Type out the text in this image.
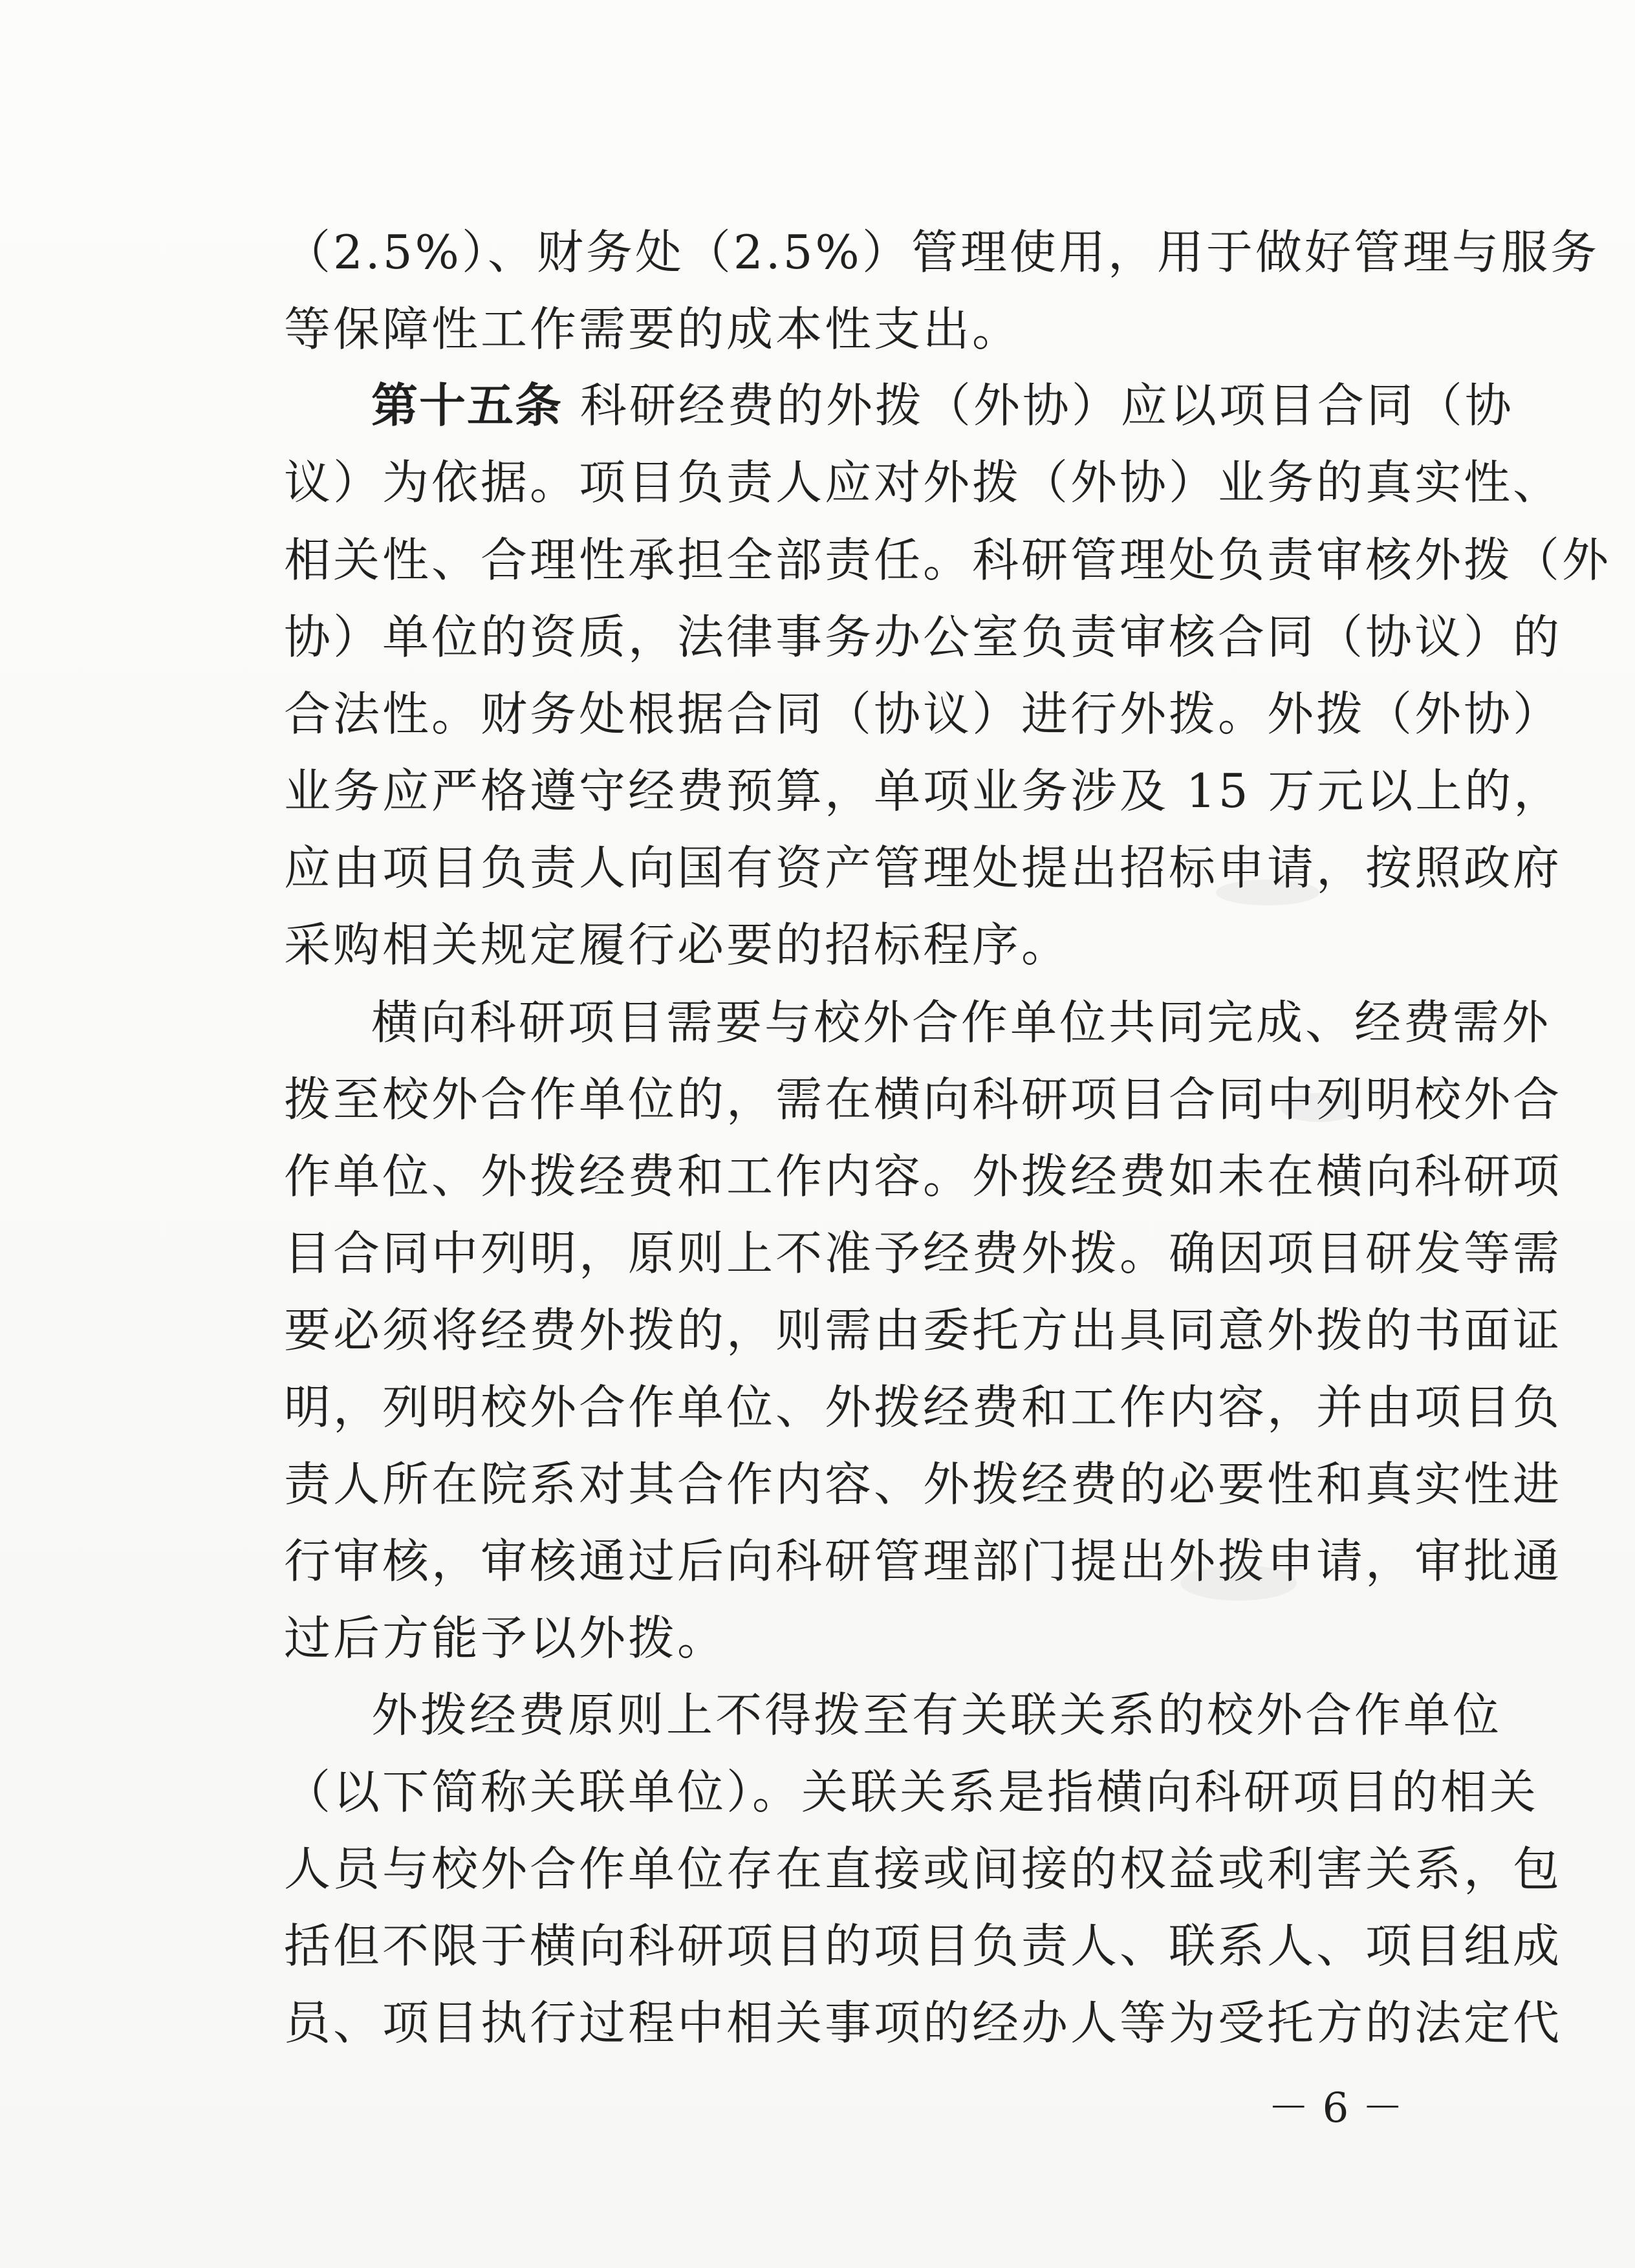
（2.5%）、财务处（2.5%）管理使用，用于做好管理与服务
等保障性工作需要的成本性支出。
第十五条 科研经费的外拨（外协）应以项目合同（协
议）为依据。项目负责人应对外拨（外协）业务的真实性、
相关性、合理性承担全部责任。科研管理处负责审核外拨（外
协）单位的资质，法律事务办公室负责审核合同（协议）的
合法性。财务处根据合同（协议）进行外拨。外拨（外协）
业务应严格遵守经费预算，单项业务涉及 15 万元以上的，
应由项目负责人向国有资产管理处提出招标申请，按照政府
采购相关规定履行必要的招标程序。
横向科研项目需要与校外合作单位共同完成、经费需外
拨至校外合作单位的，需在横向科研项目合同中列明校外合
作单位、外拨经费和工作内容。外拨经费如未在横向科研项
目合同中列明，原则上不准予经费外拨。确因项目研发等需
要必须将经费外拨的，则需由委托方出具同意外拨的书面证
明，列明校外合作单位、外拨经费和工作内容，并由项目负
责人所在院系对其合作内容、外拨经费的必要性和真实性进
行审核，审核通过后向科研管理部门提出外拨申请，审批通
过后方能予以外拨。
外拨经费原则上不得拨至有关联关系的校外合作单位
（以下简称关联单位）。关联关系是指横向科研项目的相关
人员与校外合作单位存在直接或间接的权益或利害关系，包
括但不限于横向科研项目的项目负责人、联系人、项目组成
员、项目执行过程中相关事项的经办人等为受托方的法定代
－ 6 －
